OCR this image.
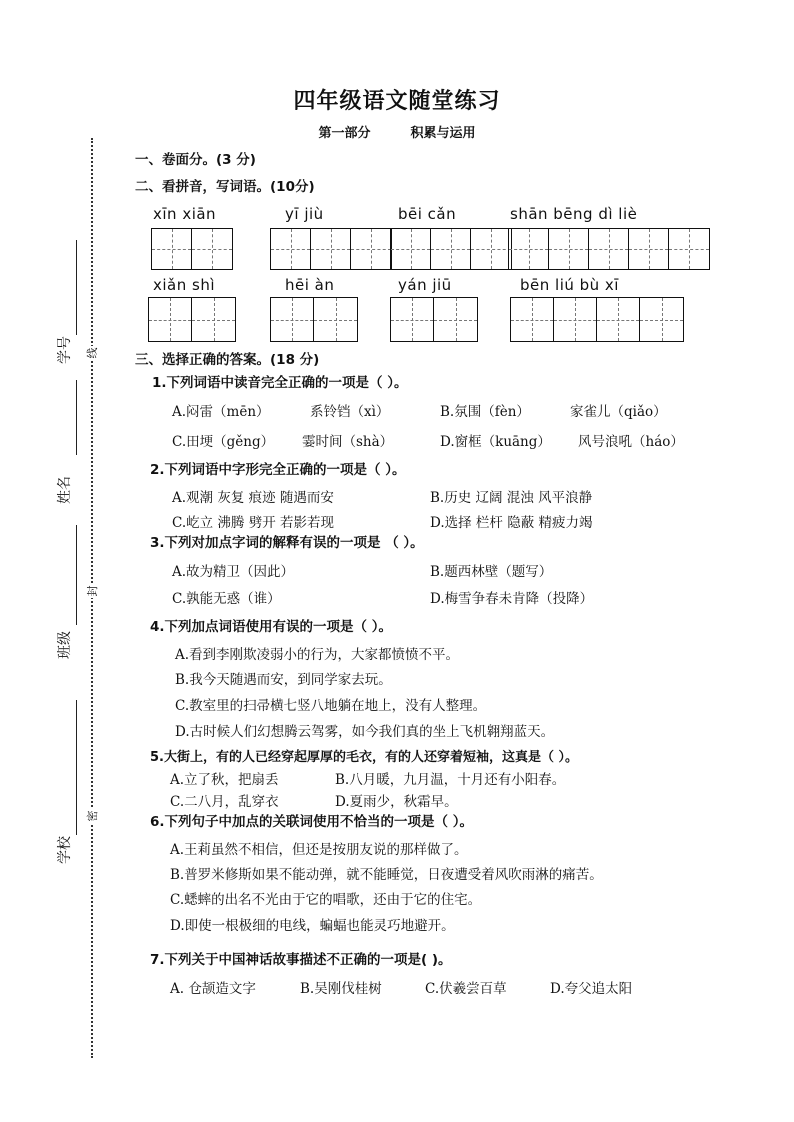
学号
姓名
班级
学校
线
封
密
四年级语文随堂练习
第一部分	积累与运用
一、卷面分。(3 分)
二、看拼音，写词语。(10分)
xīn xiān	yī jiù	bēi cǎn	shān bēng dì liè
xiǎn shì	hēi àn	yán jiū	bēn liú bù xī
三、选择正确的答案。(18 分)
1.下列词语中读音完全正确的一项是（ ）。
A.闷雷（mēn）	系铃铛（xì）	B.氛围（fèn）	家雀儿（qiǎo）
C.田埂（gěng） 霎时间（shà）	D.窗框（kuāng） 风号浪吼（háo）
2.下列词语中字形完全正确的一项是（ ）。
A.观潮 灰复 痕迹 随遇而安	B.历史 辽阔 混浊 风平浪静
C.屹立 沸腾 劈开 若影若现	D.选择 栏杆 隐蔽 精疲力竭
3.下列对加点字词的解释有误的一项是 （ ）。
A.故为精卫（因此）	B.题西林壁（题写）
C.孰能无惑（谁）	D.梅雪争春未肯降（投降）
4.下列加点词语使用有误的一项是（ ）。
A.看到李刚欺凌弱小的行为，大家都愤愤不平。
B.我今天随遇而安，到同学家去玩。
C.教室里的扫帚横七竖八地躺在地上，没有人整理。
D.古时候人们幻想腾云驾雾，如今我们真的坐上飞机翱翔蓝天。
5.大街上，有的人已经穿起厚厚的毛衣，有的人还穿着短袖，这真是（ ）。
A.立了秋，把扇丢	B.八月暖，九月温，十月还有小阳春。
C.二八月，乱穿衣	D.夏雨少，秋霜早。
6.下列句子中加点的关联词使用不恰当的一项是（ ）。
A.王莉虽然不相信，但还是按朋友说的那样做了。
B.普罗米修斯如果不能动弹，就不能睡觉，日夜遭受着风吹雨淋的痛苦。
C.蟋蟀的出名不光由于它的唱歌，还由于它的住宅。
D.即使一根极细的电线，蝙蝠也能灵巧地避开。
7.下列关于中国神话故事描述不正确的一项是( )。
A. 仓颉造文字	B.吴刚伐桂树	C.伏羲尝百草	D.夸父追太阳
